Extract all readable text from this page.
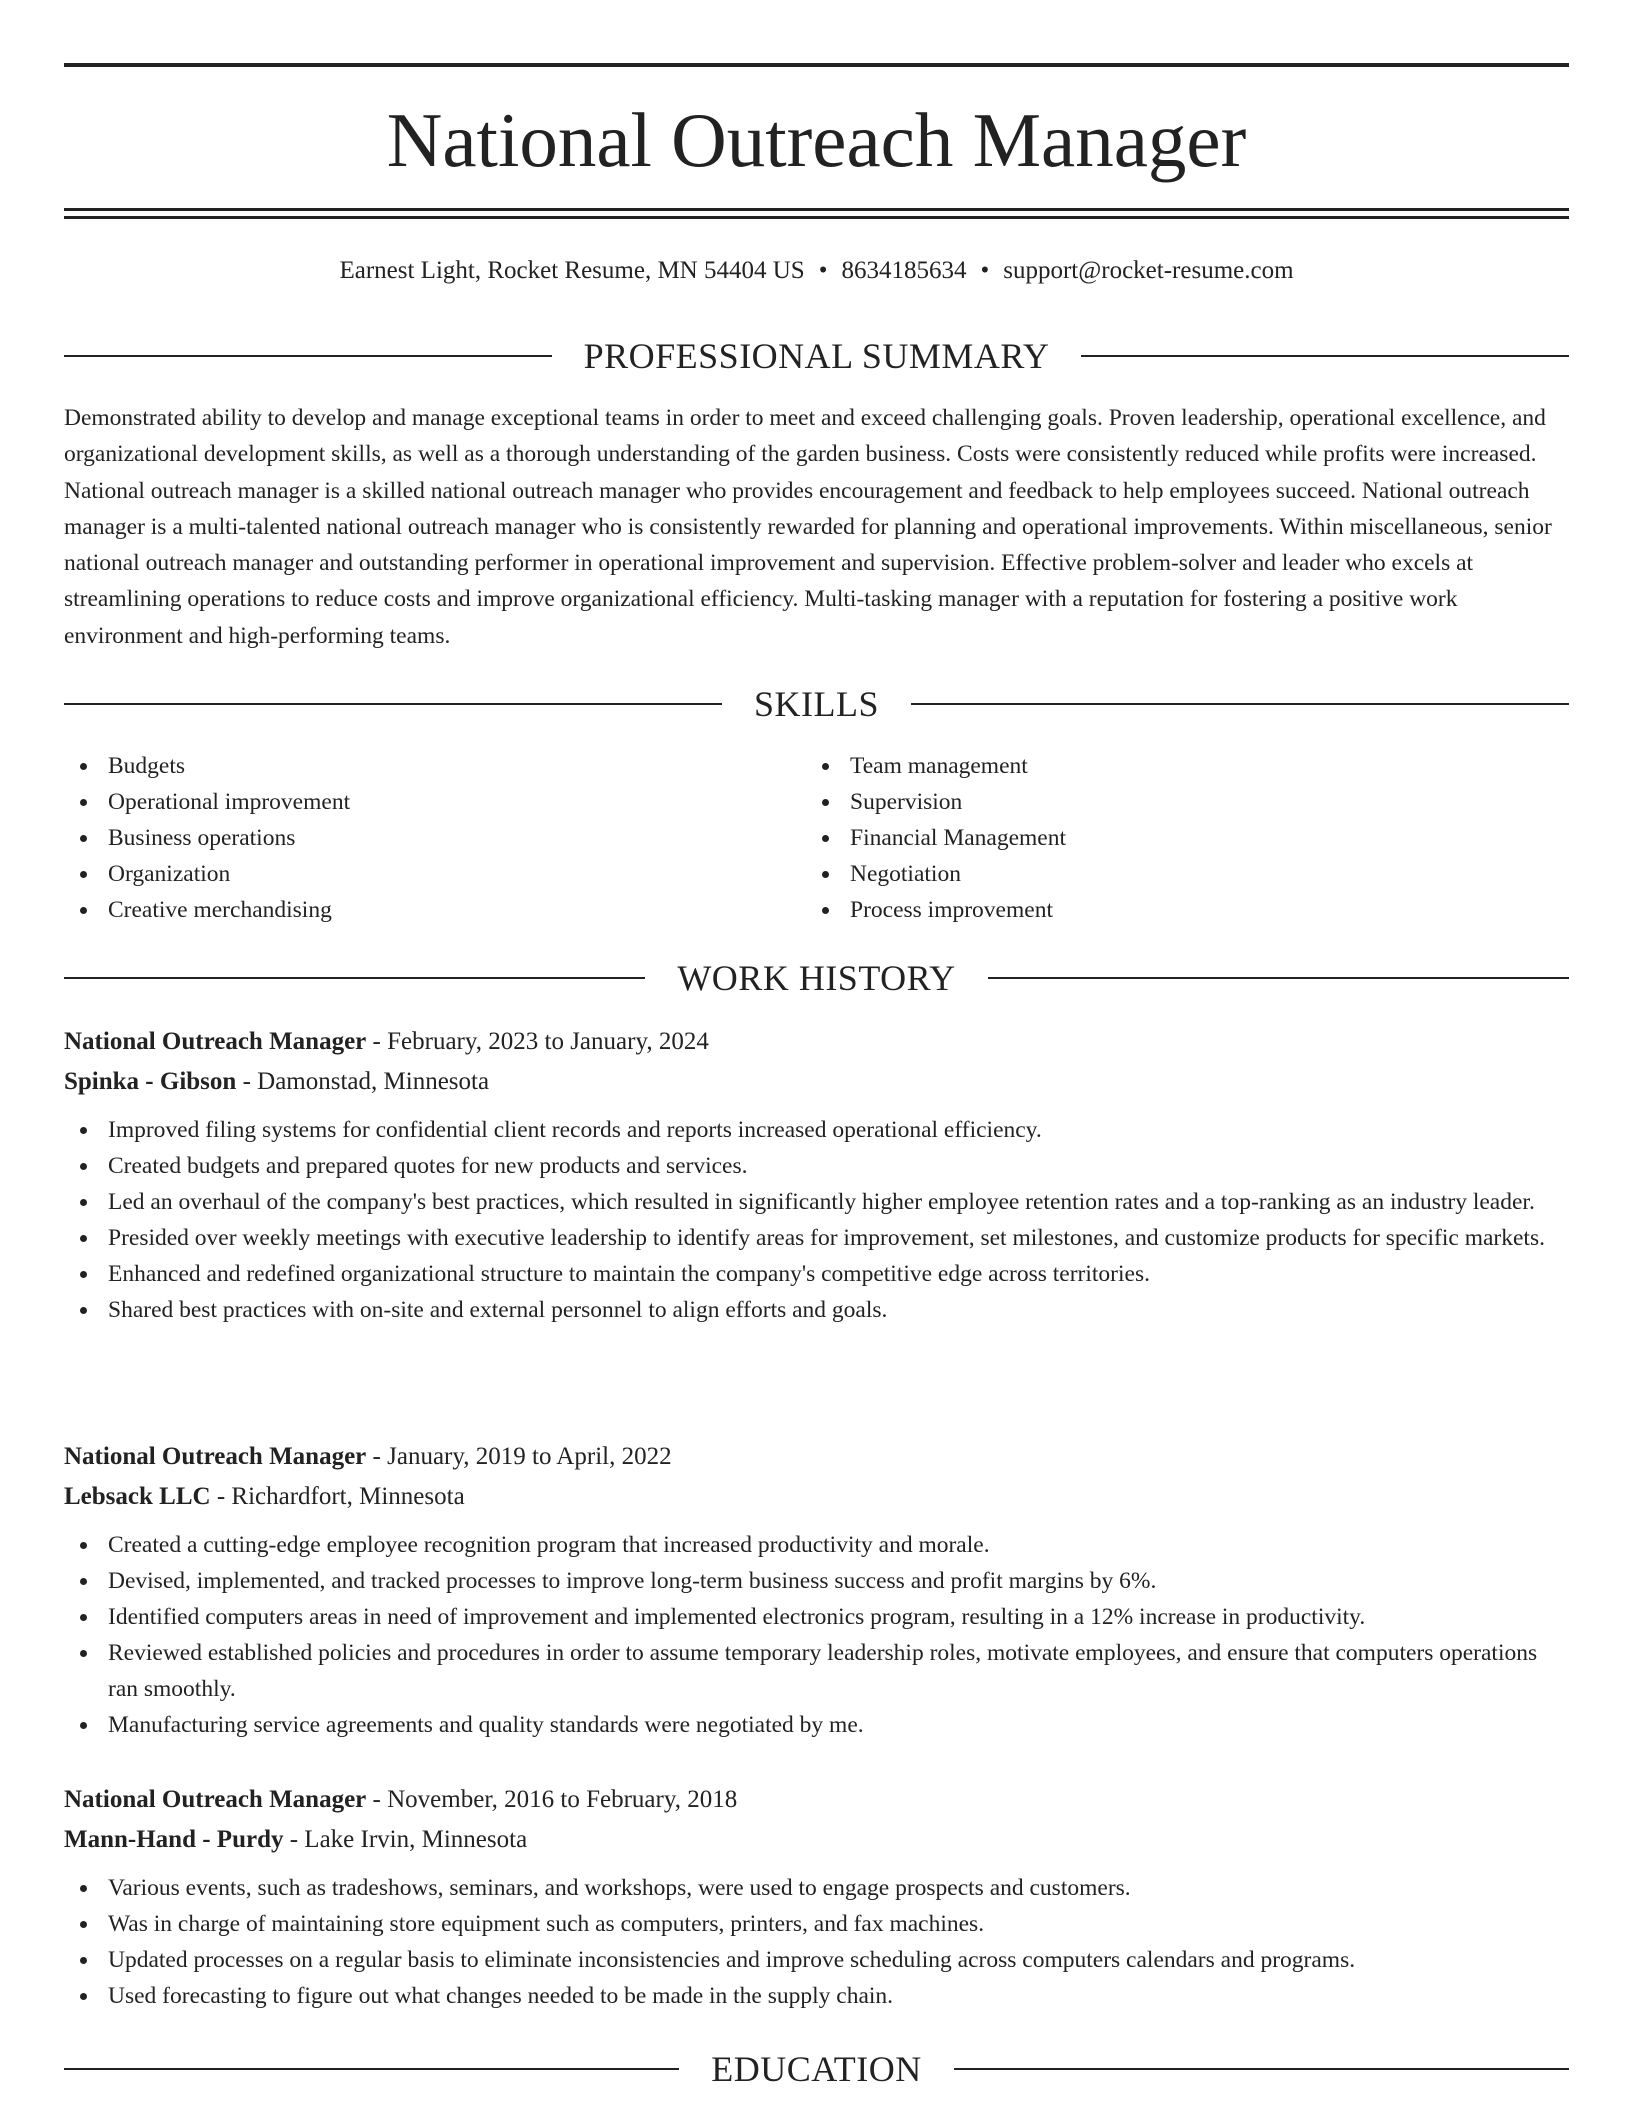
National Outreach Manager
Earnest Light, Rocket Resume, MN 54404 US • 8634185634 • support@rocket-resume.com
PROFESSIONAL SUMMARY

Demonstrated ability to develop and manage exceptional teams in order to meet and exceed challenging goals. Proven leadership, operational excellence, and organizational development skills, as well as a thorough understanding of the garden business. Costs were consistently reduced while profits were increased. National outreach manager is a skilled national outreach manager who provides encouragement and feedback to help employees succeed. National outreach manager is a multi-talented national outreach manager who is consistently rewarded for planning and operational improvements. Within miscellaneous, senior national outreach manager and outstanding performer in operational improvement and supervision. Effective problem-solver and leader who excels at streamlining operations to reduce costs and improve organizational efficiency. Multi-tasking manager with a reputation for fostering a positive work environment and high-performing teams.

SKILLS
Budgets
Operational improvement
Business operations
Organization
Creative merchandising
Team management
Supervision
Financial Management
Negotiation
Process improvement
WORK HISTORY
National Outreach Manager - February, 2023 to January, 2024
Spinka - Gibson - Damonstad, Minnesota
Improved filing systems for confidential client records and reports increased operational efficiency.
Created budgets and prepared quotes for new products and services.
Led an overhaul of the company's best practices, which resulted in significantly higher employee retention rates and a top-ranking as an industry leader.
Presided over weekly meetings with executive leadership to identify areas for improvement, set milestones, and customize products for specific markets.
Enhanced and redefined organizational structure to maintain the company's competitive edge across territories.
Shared best practices with on-site and external personnel to align efforts and goals.
National Outreach Manager - January, 2019 to April, 2022
Lebsack LLC - Richardfort, Minnesota
Created a cutting-edge employee recognition program that increased productivity and morale.
Devised, implemented, and tracked processes to improve long-term business success and profit margins by 6%.
Identified computers areas in need of improvement and implemented electronics program, resulting in a 12% increase in productivity.
Reviewed established policies and procedures in order to assume temporary leadership roles, motivate employees, and ensure that computers operations ran smoothly.
Manufacturing service agreements and quality standards were negotiated by me.
National Outreach Manager - November, 2016 to February, 2018
Mann-Hand - Purdy - Lake Irvin, Minnesota
Various events, such as tradeshows, seminars, and workshops, were used to engage prospects and customers.
Was in charge of maintaining store equipment such as computers, printers, and fax machines.
Updated processes on a regular basis to eliminate inconsistencies and improve scheduling across computers calendars and programs.
Used forecasting to figure out what changes needed to be made in the supply chain.
EDUCATION
